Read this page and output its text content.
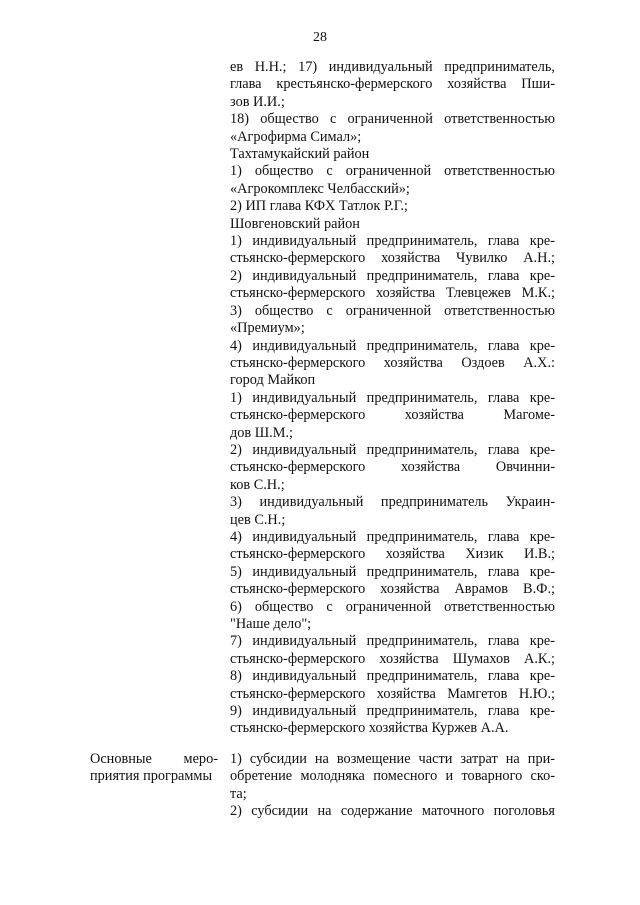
28
ев Н.Н.; 17) индивидуальный предприниматель,
глава крестьянско-фермерского хозяйства Пши-
зов И.И.;
18) общество с ограниченной ответственностью
«Агрофирма Симал»;
Тахтамукайский район
1) общество с ограниченной ответственностью
«Агрокомплекс Челбасский»;
2) ИП глава КФХ Татлок Р.Г.;
Шовгеновский район
1) индивидуальный предприниматель, глава кре-
стьянско-фермерского хозяйства Чувилко А.Н.;
2) индивидуальный предприниматель, глава кре-
стьянско-фермерского хозяйства Тлевцежев М.К.;
3) общество с ограниченной ответственностью
«Премиум»;
4) индивидуальный предприниматель, глава кре-
стьянско-фермерского хозяйства Оздоев А.Х.:
город Майкоп
1) индивидуальный предприниматель, глава кре-
стьянско-фермерского хозяйства Магоме-
дов Ш.М.;
2) индивидуальный предприниматель, глава кре-
стьянско-фермерского хозяйства Овчинни-
ков С.Н.;
3) индивидуальный предприниматель Украин-
цев С.Н.;
4) индивидуальный предприниматель, глава кре-
стьянско-фермерского хозяйства Хизик И.В.;
5) индивидуальный предприниматель, глава кре-
стьянско-фермерского хозяйства Аврамов В.Ф.;
6) общество с ограниченной ответственностью
"Наше дело";
7) индивидуальный предприниматель, глава кре-
стьянско-фермерского хозяйства Шумахов А.К.;
8) индивидуальный предприниматель, глава кре-
стьянско-фермерского хозяйства Мамгетов Н.Ю.;
9) индивидуальный предприниматель, глава кре-
стьянско-фермерского хозяйства Куржев А.А.
Основные меро-
приятия программы
1) субсидии на возмещение части затрат на при-
обретение молодняка помесного и товарного ско-
та;
2) субсидии на содержание маточного поголовья
